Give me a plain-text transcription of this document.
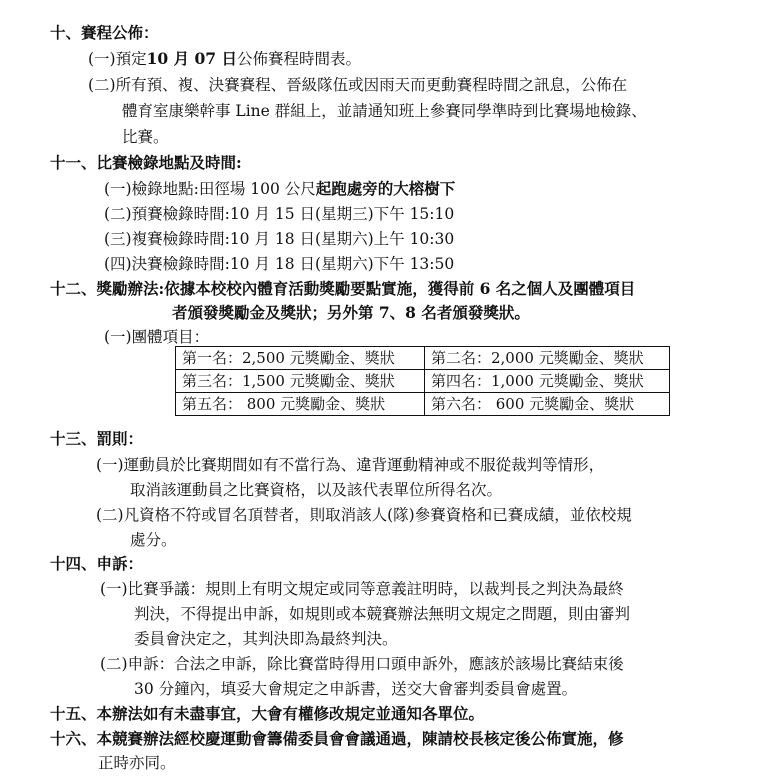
十、賽程公佈：
(一)預定10 月 07 日公佈賽程時間表。
(二)所有預、複、決賽賽程、晉級隊伍或因雨天而更動賽程時間之訊息，公佈在
體育室康樂幹事 Line 群組上，並請通知班上參賽同學準時到比賽場地檢錄、
比賽。
十一、比賽檢錄地點及時間:
(一)檢錄地點:田徑場 100 公尺起跑處旁的大榕樹下
(二)預賽檢錄時間:10 月 15 日(星期三)下午 15:10
(三)複賽檢錄時間:10 月 18 日(星期六)上午 10:30
(四)決賽檢錄時間:10 月 18 日(星期六)下午 13:50
十二、獎勵辦法:依據本校校內體育活動獎勵要點實施，獲得前 6 名之個人及團體項目
者頒發獎勵金及獎狀；另外第 7、8 名者頒發獎狀。
(一)團體項目：
第一名：2,500 元獎勵金、獎狀	第二名：2,000 元獎勵金、獎狀
第三名：1,500 元獎勵金、獎狀	第四名：1,000 元獎勵金、獎狀
第五名： 800 元獎勵金、獎狀	第六名： 600 元獎勵金、獎狀
十三、罰則：
(一)運動員於比賽期間如有不當行為、違背運動精神或不服從裁判等情形，
取消該運動員之比賽資格，以及該代表單位所得名次。
(二)凡資格不符或冒名頂替者，則取消該人(隊)參賽資格和已賽成績，並依校規
處分。
十四、申訴：
(一)比賽爭議：規則上有明文規定或同等意義註明時，以裁判長之判決為最終
判決，不得提出申訴，如規則或本競賽辦法無明文規定之問題，則由審判
委員會決定之，其判決即為最終判決。
(二)申訴：合法之申訴，除比賽當時得用口頭申訴外，應該於該場比賽結束後
30 分鐘內，填妥大會規定之申訴書，送交大會審判委員會處置。
十五、本辦法如有未盡事宜，大會有權修改規定並通知各單位。
十六、本競賽辦法經校慶運動會籌備委員會會議通過，陳請校長核定後公佈實施，修
正時亦同。
